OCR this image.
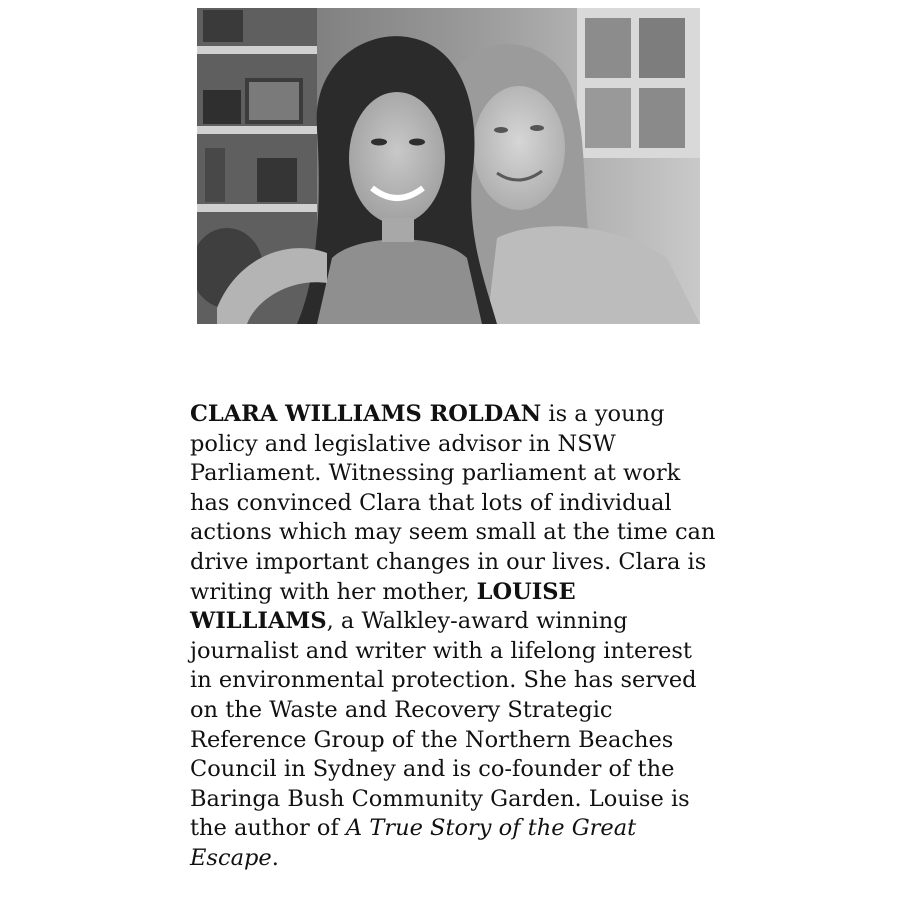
CLARA WILLIAMS ROLDAN is a young
policy and legislative advisor in NSW
Parliament. Witnessing parliament at work
has convinced Clara that lots of individual
actions which may seem small at the time can
drive important changes in our lives. Clara is
writing with her mother, LOUISE
WILLIAMS, a Walkley-award winning
journalist and writer with a lifelong interest
in environmental protection. She has served
on the Waste and Recovery Strategic
Reference Group of the Northern Beaches
Council in Sydney and is co-founder of the
Baringa Bush Community Garden. Louise is
the author of A True Story of the Great
Escape.
